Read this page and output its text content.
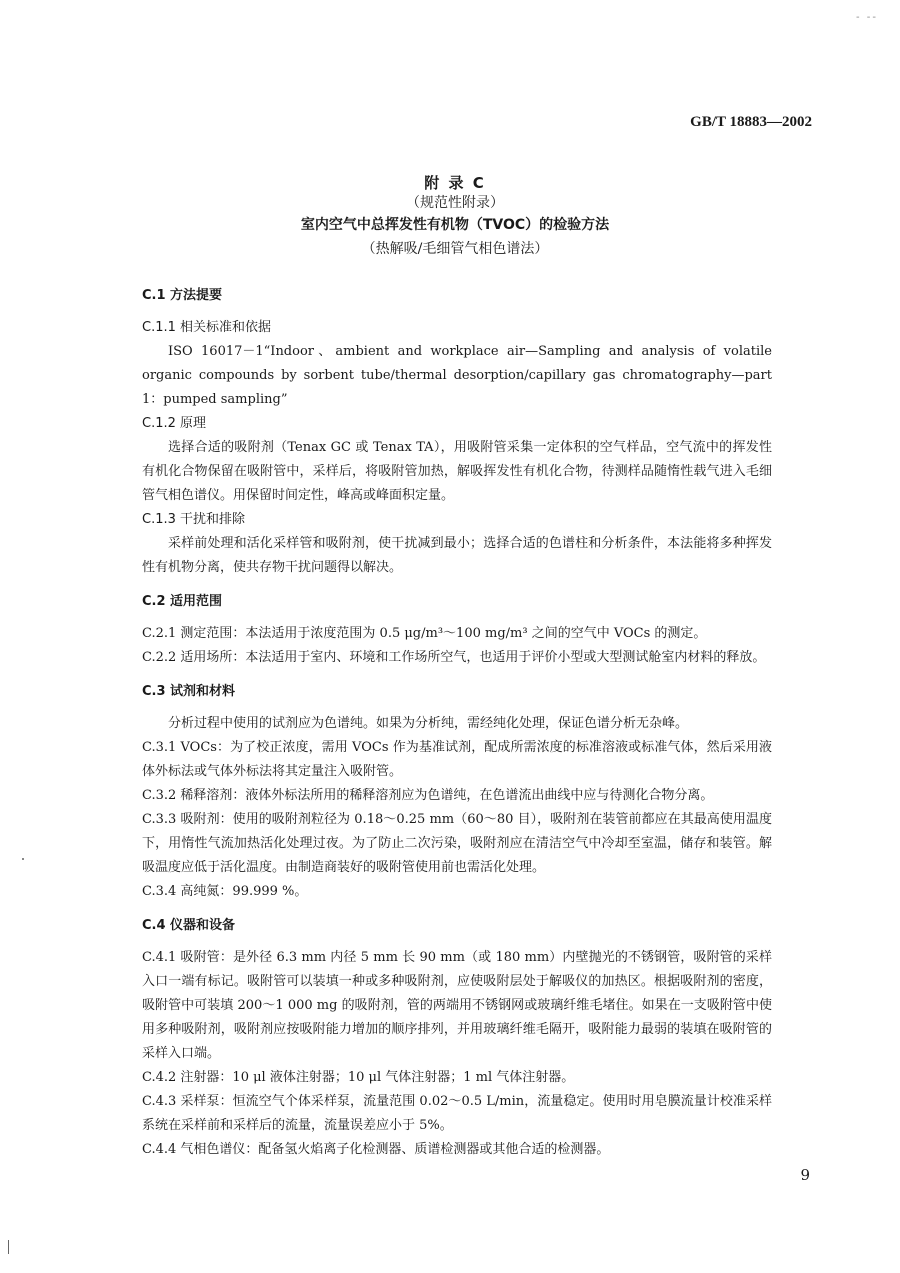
- --
GB/T 18883—2002
附 录 C
（规范性附录）
室内空气中总挥发性有机物（TVOC）的检验方法
（热解吸/毛细管气相色谱法）
C.1 方法提要
C.1.1 相关标准和依据
ISO 16017－1“Indoor、ambient and workplace air—Sampling and analysis of volatile organic compounds by sorbent tube/thermal desorption/capillary gas chromatography—part 1：pumped sampling”
C.1.2 原理
选择合适的吸附剂（Tenax GC 或 Tenax TA），用吸附管采集一定体积的空气样品，空气流中的挥发性有机化合物保留在吸附管中，采样后，将吸附管加热，解吸挥发性有机化合物，待测样品随惰性载气进入毛细管气相色谱仪。用保留时间定性，峰高或峰面积定量。
C.1.3 干扰和排除
采样前处理和活化采样管和吸附剂，使干扰减到最小；选择合适的色谱柱和分析条件，本法能将多种挥发性有机物分离，使共存物干扰问题得以解决。
C.2 适用范围
C.2.1 测定范围：本法适用于浓度范围为 0.5 μg/m³～100 mg/m³ 之间的空气中 VOCs 的测定。
C.2.2 适用场所：本法适用于室内、环境和工作场所空气，也适用于评价小型或大型测试舱室内材料的释放。
C.3 试剂和材料
分析过程中使用的试剂应为色谱纯。如果为分析纯，需经纯化处理，保证色谱分析无杂峰。
C.3.1 VOCs：为了校正浓度，需用 VOCs 作为基准试剂，配成所需浓度的标准溶液或标准气体，然后采用液体外标法或气体外标法将其定量注入吸附管。
C.3.2 稀释溶剂：液体外标法所用的稀释溶剂应为色谱纯，在色谱流出曲线中应与待测化合物分离。
C.3.3 吸附剂：使用的吸附剂粒径为 0.18～0.25 mm（60～80 目），吸附剂在装管前都应在其最高使用温度下，用惰性气流加热活化处理过夜。为了防止二次污染，吸附剂应在清洁空气中冷却至室温，储存和装管。解吸温度应低于活化温度。由制造商装好的吸附管使用前也需活化处理。
C.3.4 高纯氮：99.999 %。
C.4 仪器和设备
C.4.1 吸附管：是外径 6.3 mm 内径 5 mm 长 90 mm（或 180 mm）内壁抛光的不锈钢管，吸附管的采样入口一端有标记。吸附管可以装填一种或多种吸附剂，应使吸附层处于解吸仪的加热区。根据吸附剂的密度，吸附管中可装填 200～1 000 mg 的吸附剂，管的两端用不锈钢网或玻璃纤维毛堵住。如果在一支吸附管中使用多种吸附剂，吸附剂应按吸附能力增加的顺序排列，并用玻璃纤维毛隔开，吸附能力最弱的装填在吸附管的采样入口端。
C.4.2 注射器：10 μl 液体注射器；10 μl 气体注射器；1 ml 气体注射器。
C.4.3 采样泵：恒流空气个体采样泵，流量范围 0.02～0.5 L/min，流量稳定。使用时用皂膜流量计校准采样系统在采样前和采样后的流量，流量误差应小于 5%。
C.4.4 气相色谱仪：配备氢火焰离子化检测器、质谱检测器或其他合适的检测器。
9
